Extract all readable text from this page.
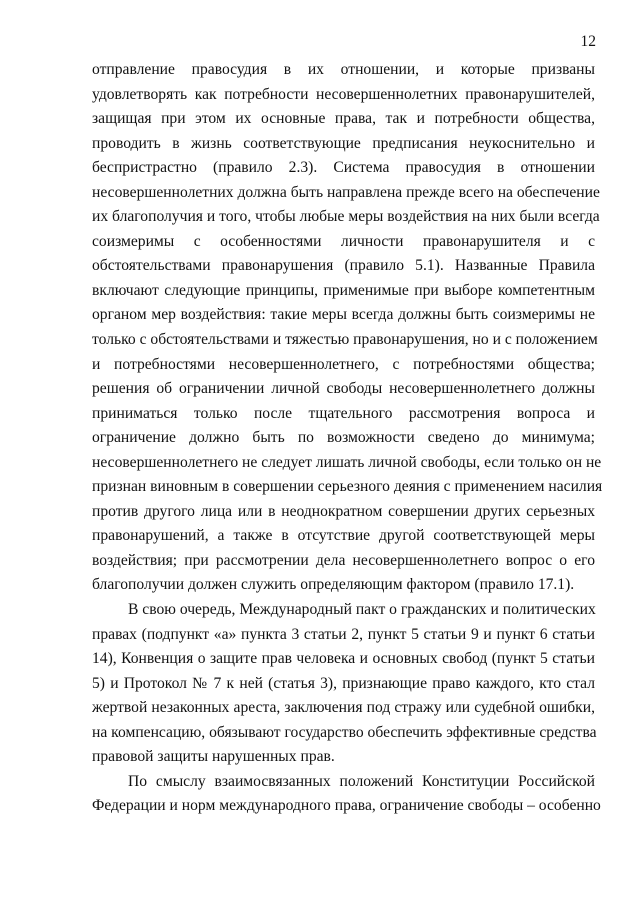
12
отправление правосудия в их отношении, и которые призваны
удовлетворять как потребности несовершеннолетних правонарушителей,
защищая при этом их основные права, так и потребности общества,
проводить в жизнь соответствующие предписания неукоснительно и
беспристрастно (правило 2.3). Система правосудия в отношении
несовершеннолетних должна быть направлена прежде всего на обеспечение
их благополучия и того, чтобы любые меры воздействия на них были всегда
соизмеримы с особенностями личности правонарушителя и с
обстоятельствами правонарушения (правило 5.1). Названные Правила
включают следующие принципы, применимые при выборе компетентным
органом мер воздействия: такие меры всегда должны быть соизмеримы не
только с обстоятельствами и тяжестью правонарушения, но и с положением
и потребностями несовершеннолетнего, с потребностями общества;
решения об ограничении личной свободы несовершеннолетнего должны
приниматься только после тщательного рассмотрения вопроса и
ограничение должно быть по возможности сведено до минимума;
несовершеннолетнего не следует лишать личной свободы, если только он не
признан виновным в совершении серьезного деяния с применением насилия
против другого лица или в неоднократном совершении других серьезных
правонарушений, а также в отсутствие другой соответствующей меры
воздействия; при рассмотрении дела несовершеннолетнего вопрос о его
благополучии должен служить определяющим фактором (правило 17.1).
В свою очередь, Международный пакт о гражданских и политических
правах (подпункт «а» пункта 3 статьи 2, пункт 5 статьи 9 и пункт 6 статьи
14), Конвенция о защите прав человека и основных свобод (пункт 5 статьи
5) и Протокол № 7 к ней (статья 3), признающие право каждого, кто стал
жертвой незаконных ареста, заключения под стражу или судебной ошибки,
на компенсацию, обязывают государство обеспечить эффективные средства
правовой защиты нарушенных прав.
По смыслу взаимосвязанных положений Конституции Российской
Федерации и норм международного права, ограничение свободы – особенно
